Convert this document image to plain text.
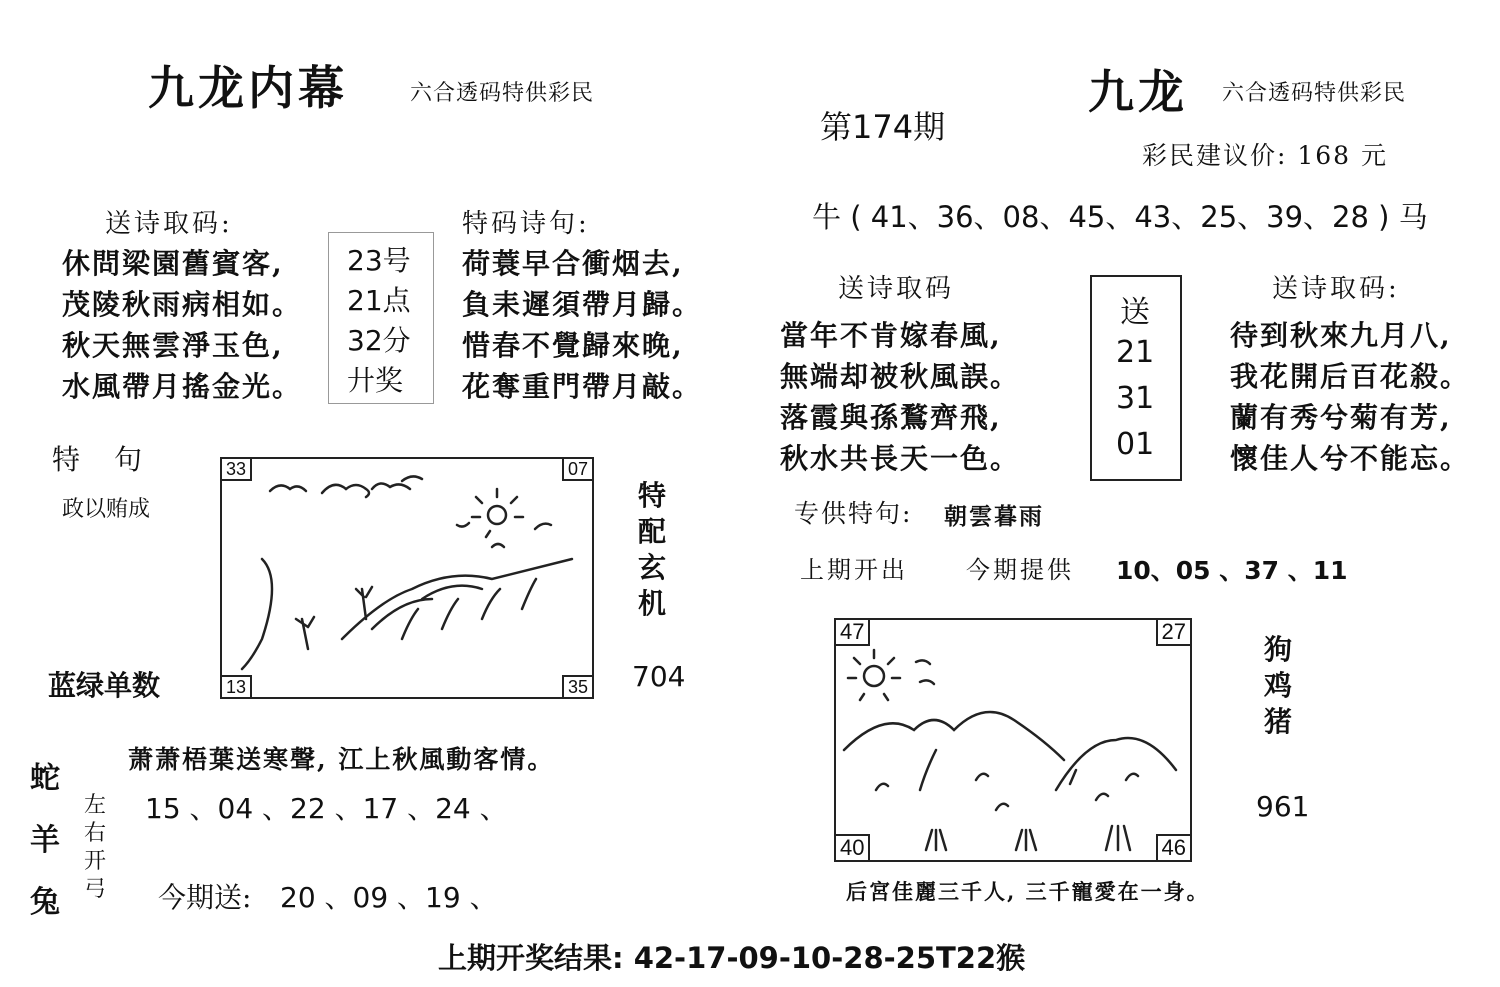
九龙内幕	六合透码特供彩民
送诗取码:
休問梁園舊賓客,
茂陵秋雨病相如。
秋天無雲淨玉色,
水風帶月搖金光。
23号
21点
32分
廾奖
特码诗句:
荷蓑早合衝烟去,
負耒遲須帶月歸。
惜春不覺歸來晚,
花奪重門帶月敲。
特　句
政以贿成
33	07
13	35
特
配
玄
机
704
蓝绿单数
萧萧梧葉送寒聲, 江上秋風動客情。
蛇
羊
兔
左
右
开
弓
15 、04 、22 、17 、24 、
今期送: 20 、09 、19 、
第174期
九龙 六合透码特供彩民
彩民建议价: 168 元
牛 ( 41、36、08、45、43、25、39、28 ) 马
送诗取码
當年不肯嫁春風,
無端却被秋風誤。
落霞與孫鶩齊飛,
秋水共長天一色。
送
21
31
01
送诗取码:
待到秋來九月八,
我花開后百花殺。
蘭有秀兮菊有芳,
懷佳人兮不能忘。
专供特句: 朝雲暮雨
上期开出 今期提供 10、05 、37 、11
47	27
40	46
狗
鸡
猪
961
后宮佳麗三千人, 三千寵愛在一身。
上期开奖结果: 42-17-09-10-28-25T22猴
